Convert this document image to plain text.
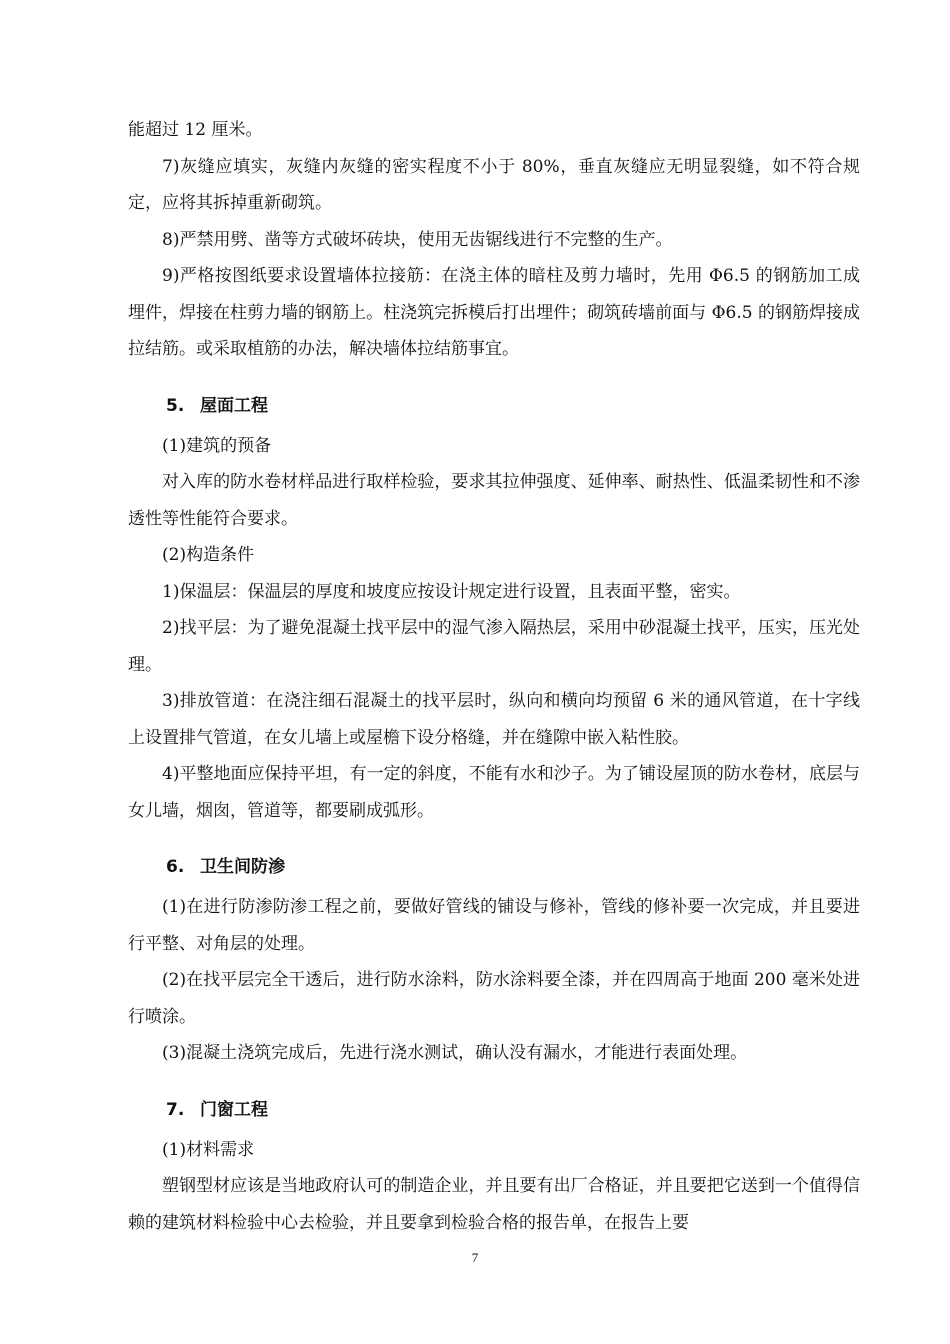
能超过 12 厘米。

7)灰缝应填实，灰缝内灰缝的密实程度不小于 80%，垂直灰缝应无明显裂缝，如不符合规定，应将其拆掉重新砌筑。

8)严禁用劈、凿等方式破坏砖块，使用无齿锯线进行不完整的生产。

9)严格按图纸要求设置墙体拉接筋：在浇主体的暗柱及剪力墙时，先用 Φ6.5 的钢筋加工成埋件，焊接在柱剪力墙的钢筋上。柱浇筑完拆模后打出埋件；砌筑砖墙前面与 Φ6.5 的钢筋焊接成拉结筋。或采取植筋的办法，解决墙体拉结筋事宜。

5. 屋面工程

(1)建筑的预备

对入库的防水卷材样品进行取样检验，要求其拉伸强度、延伸率、耐热性、低温柔韧性和不渗透性等性能符合要求。

(2)构造条件

1)保温层：保温层的厚度和坡度应按设计规定进行设置，且表面平整，密实。

2)找平层：为了避免混凝土找平层中的湿气渗入隔热层，采用中砂混凝土找平，压实，压光处理。

3)排放管道：在浇注细石混凝土的找平层时，纵向和横向均预留 6 米的通风管道，在十字线上设置排气管道，在女儿墙上或屋檐下设分格缝，并在缝隙中嵌入粘性胶。

4)平整地面应保持平坦，有一定的斜度，不能有水和沙子。为了铺设屋顶的防水卷材，底层与女儿墙，烟囱，管道等，都要刷成弧形。

6. 卫生间防渗

(1)在进行防渗防渗工程之前，要做好管线的铺设与修补，管线的修补要一次完成，并且要进行平整、对角层的处理。

(2)在找平层完全干透后，进行防水涂料，防水涂料要全漆，并在四周高于地面 200 毫米处进行喷涂。

(3)混凝土浇筑完成后，先进行浇水测试，确认没有漏水，才能进行表面处理。

7. 门窗工程

(1)材料需求

塑钢型材应该是当地政府认可的制造企业，并且要有出厂合格证，并且要把它送到一个值得信赖的建筑材料检验中心去检验，并且要拿到检验合格的报告单，在报告上要

7
